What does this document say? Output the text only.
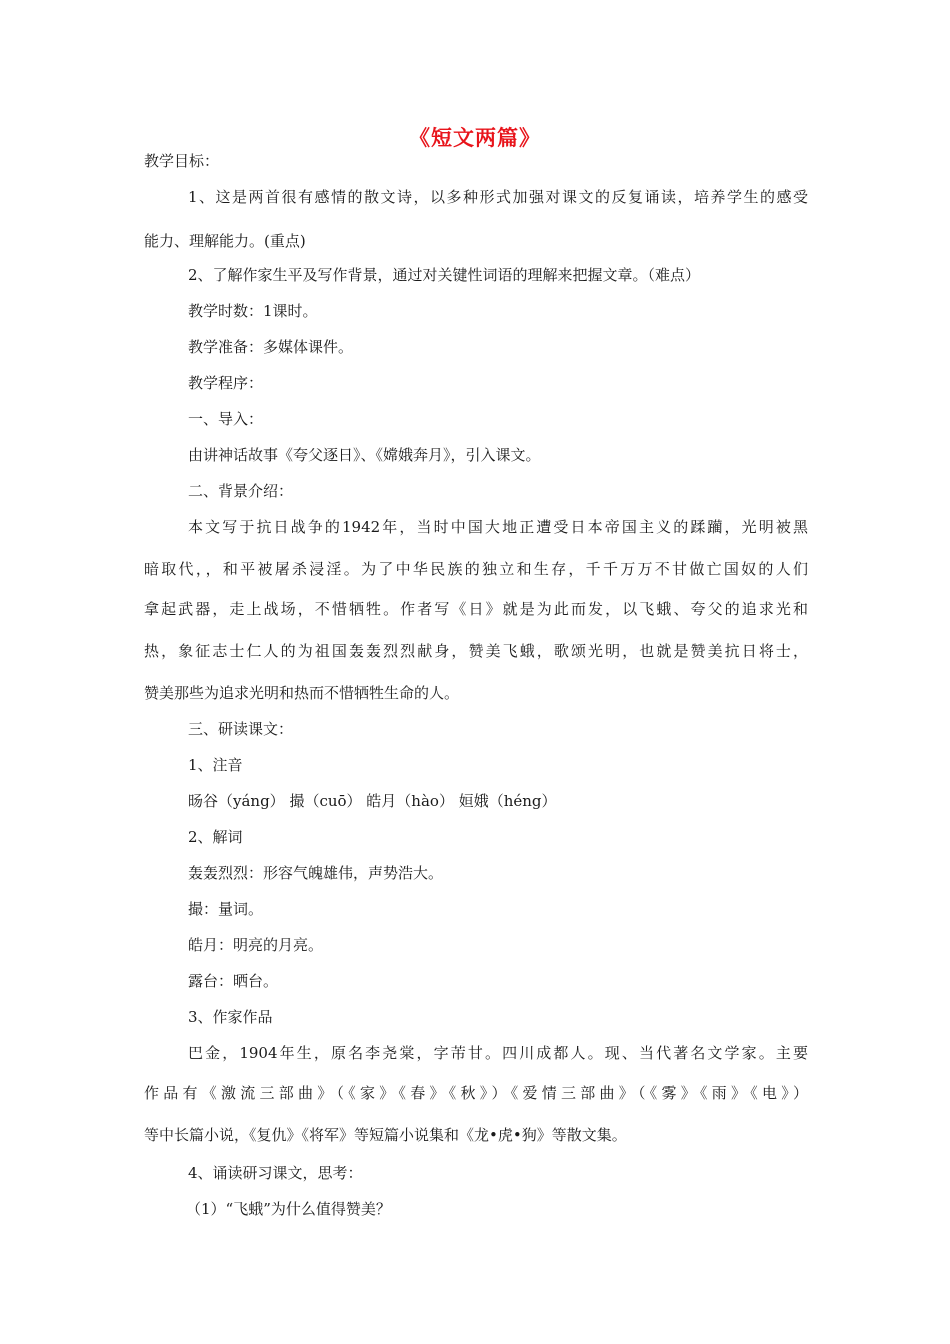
《短文两篇》
教学目标：
1、这是两首很有感情的散文诗，以多种形式加强对课文的反复诵读，培养学生的感受
能力、理解能力。(重点)
2、了解作家生平及写作背景，通过对关键性词语的理解来把握文章。（难点）
教学时数：1课时。
教学准备：多媒体课件。
教学程序：
一、导入：
由讲神话故事《夸父逐日》、《嫦娥奔月》，引入课文。
二、背景介绍：
本文写于抗日战争的1942年，当时中国大地正遭受日本帝国主义的蹂躏，光明被黑
暗取代，，和平被屠杀浸淫。为了中华民族的独立和生存，千千万万不甘做亡国奴的人们
拿起武器，走上战场，不惜牺牲。作者写《日》就是为此而发，以飞蛾、夸父的追求光和
热，象征志士仁人的为祖国轰轰烈烈献身，赞美飞蛾，歌颂光明，也就是赞美抗日将士，
赞美那些为追求光明和热而不惜牺牲生命的人。
三、研读课文：
1、注音
旸谷（yáng） 撮（cuō） 皓月（hào） 姮娥（héng）
2、解词
轰轰烈烈：形容气魄雄伟，声势浩大。
撮：量词。
皓月：明亮的月亮。
露台：晒台。
3、作家作品
巴金，1904年生，原名李尧棠，字芾甘。四川成都人。现、当代著名文学家。主要
作品有《激流三部曲》（《家》《春》《秋》）《爱情三部曲》（《雾》《雨》《电》）
等中长篇小说，《复仇》《将军》等短篇小说集和《龙•虎•狗》等散文集。
4、诵读研习课文，思考：
（1）“飞蛾”为什么值得赞美？
